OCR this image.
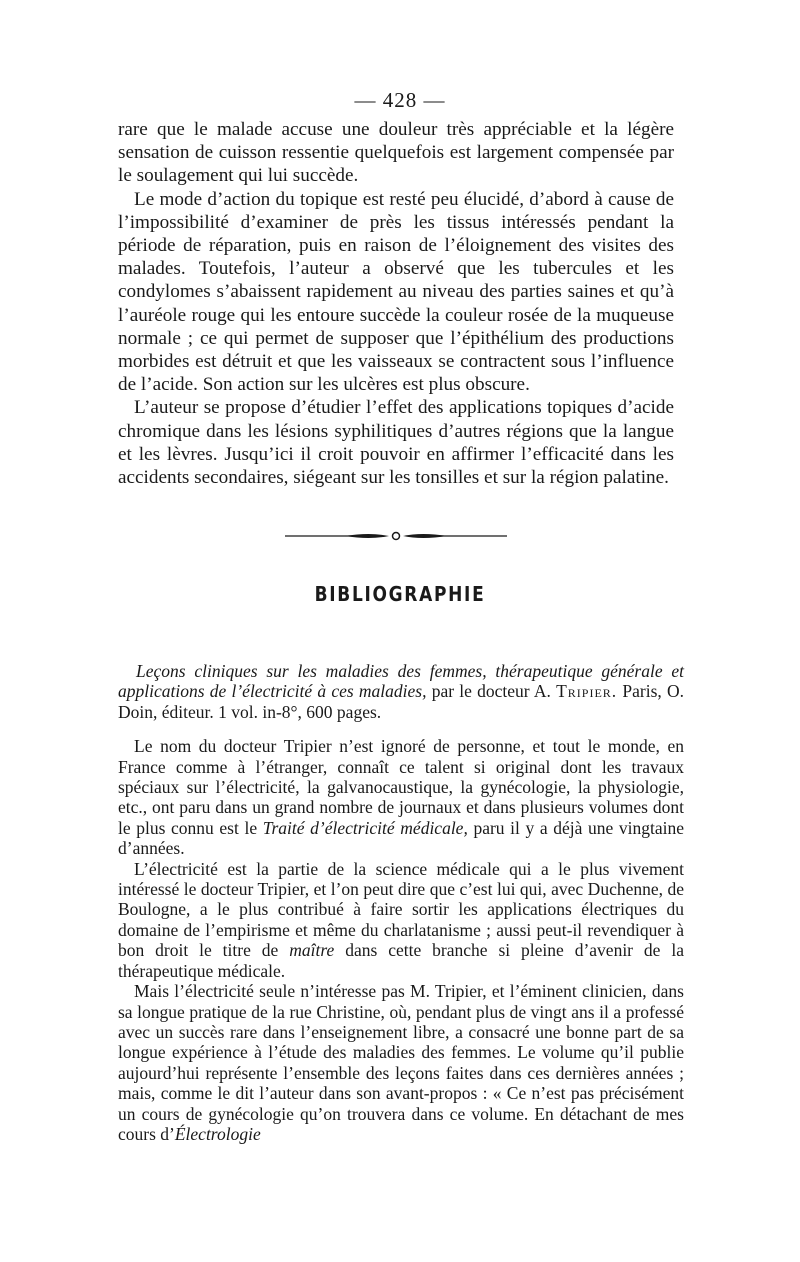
— 428 —

rare que le malade accuse une douleur très appréciable et la légère sensation de cuisson ressentie quelquefois est largement compensée par le soulagement qui lui succède.

Le mode d’action du topique est resté peu élucidé, d’abord à cause de l’impossibilité d’examiner de près les tissus intéressés pendant la période de réparation, puis en raison de l’éloignement des visites des malades. Toutefois, l’auteur a observé que les tubercules et les condylomes s’abaissent rapidement au niveau des parties saines et qu’à l’auréole rouge qui les entoure succède la couleur rosée de la muqueuse normale ; ce qui permet de supposer que l’épithélium des productions morbides est détruit et que les vaisseaux se contractent sous l’influence de l’acide. Son action sur les ulcères est plus obscure.

L’auteur se propose d’étudier l’effet des applications topiques d’acide chromique dans les lésions syphilitiques d’autres régions que la langue et les lèvres. Jusqu’ici il croit pouvoir en affirmer l’efficacité dans les accidents secondaires, siégeant sur les tonsilles et sur la région palatine.

BIBLIOGRAPHIE

Leçons cliniques sur les maladies des femmes, thérapeutique générale et applications de l’électricité à ces maladies, par le docteur A. Tripier. Paris, O. Doin, éditeur. 1 vol. in-8°, 600 pages.

Le nom du docteur Tripier n’est ignoré de personne, et tout le monde, en France comme à l’étranger, connaît ce talent si original dont les travaux spéciaux sur l’électricité, la galvanocaustique, la gynécologie, la physiologie, etc., ont paru dans un grand nombre de journaux et dans plusieurs volumes dont le plus connu est le Traité d’électricité médicale, paru il y a déjà une vingtaine d’années.

L’électricité est la partie de la science médicale qui a le plus vivement intéressé le docteur Tripier, et l’on peut dire que c’est lui qui, avec Duchenne, de Boulogne, a le plus contribué à faire sortir les applications électriques du domaine de l’empirisme et même du charlatanisme ; aussi peut-il revendiquer à bon droit le titre de maître dans cette branche si pleine d’avenir de la thérapeutique médicale.

Mais l’électricité seule n’intéresse pas M. Tripier, et l’éminent clinicien, dans sa longue pratique de la rue Christine, où, pendant plus de vingt ans il a professé avec un succès rare dans l’enseignement libre, a consacré une bonne part de sa longue expérience à l’étude des maladies des femmes. Le volume qu’il publie aujourd’hui représente l’ensemble des leçons faites dans ces dernières années ; mais, comme le dit l’auteur dans son avant-propos : « Ce n’est pas précisément un cours de gynécologie qu’on trouvera dans ce volume. En détachant de mes cours d’Électrologie
